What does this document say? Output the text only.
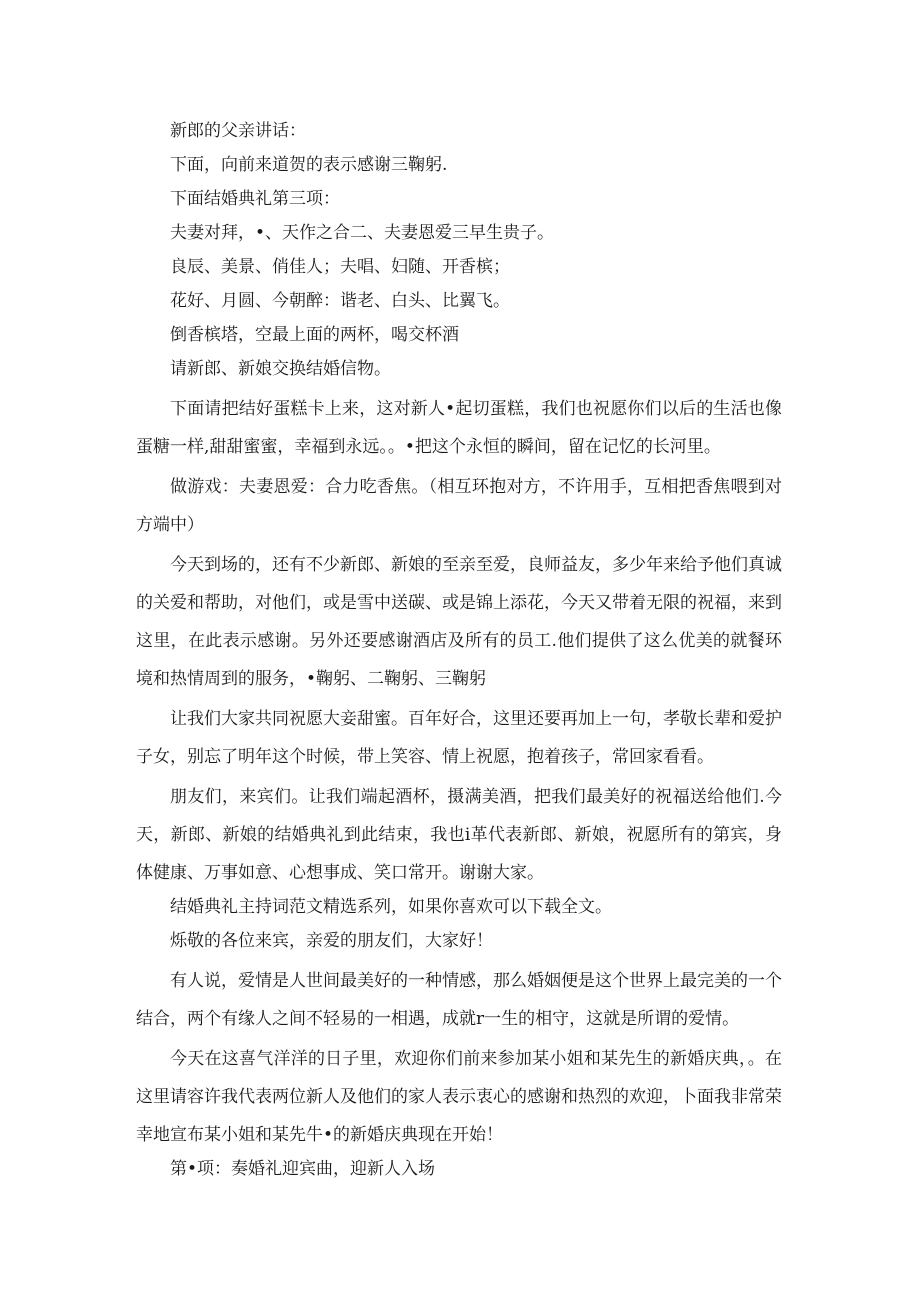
新郎的父亲讲话：

下面，向前来道贺的表示感谢三鞠躬.

下面结婚典礼第三项：

夫妻对拜，•、天作之合二、夫妻恩爱三早生贵子。

良辰、美景、俏佳人；夫唱、妇随、开香槟；

花好、月圆、今朝醉：谐老、白头、比翼飞。

倒香槟塔，空最上面的两杯，喝交杯酒

请新郎、新娘交换结婚信物。

下面请把结好蛋糕卡上来，这对新人•起切蛋糕，我们也祝愿你们以后的生活也像蛋糖一样,甜甜蜜蜜，幸福到永远。。•把这个永恒的瞬间，留在记忆的长河里。

做游戏：夫妻恩爱：合力吃香焦。（相互环抱对方，不许用手，互相把香焦喂到对方端中）

今天到场的，还有不少新郎、新娘的至亲至爱，良师益友，多少年来给予他们真诚的关爱和帮助，对他们，或是雪中送碳、或是锦上添花，今天又带着无限的祝福，来到这里，在此表示感谢。另外还要感谢酒店及所有的员工.他们提供了这么优美的就餐环境和热情周到的服务，•鞠躬、二鞠躬、三鞠躬

让我们大家共同祝愿大妾甜蜜。百年好合，这里还要再加上一句，孝敬长辈和爱护子女，别忘了明年这个时候，带上笑容、情上祝愿，抱着孩子，常回家看看。

朋友们，来宾们。让我们端起酒杯，摄满美酒，把我们最美好的祝福送给他们.今天，新郎、新娘的结婚典礼到此结束，我也i革代表新郎、新娘，祝愿所有的第宾，身体健康、万事如意、心想事成、笑口常开。谢谢大家。

结婚典礼主持词范文精选系列，如果你喜欢可以下载全文。

烁敬的各位来宾，亲爱的朋友们，大家好！

有人说，爱情是人世间最美好的一种情感，那么婚姻便是这个世界上最完美的一个结合，两个有缘人之间不轻易的一相遇，成就r一生的相守，这就是所谓的爱情。

今天在这喜气洋洋的日子里，欢迎你们前来参加某小姐和某先生的新婚庆典，。在这里请容许我代表两位新人及他们的家人表示衷心的感谢和热烈的欢迎，卜面我非常荣幸地宣布某小姐和某先牛•的新婚庆典现在开始！

第•项：奏婚礼迎宾曲，迎新人入场
